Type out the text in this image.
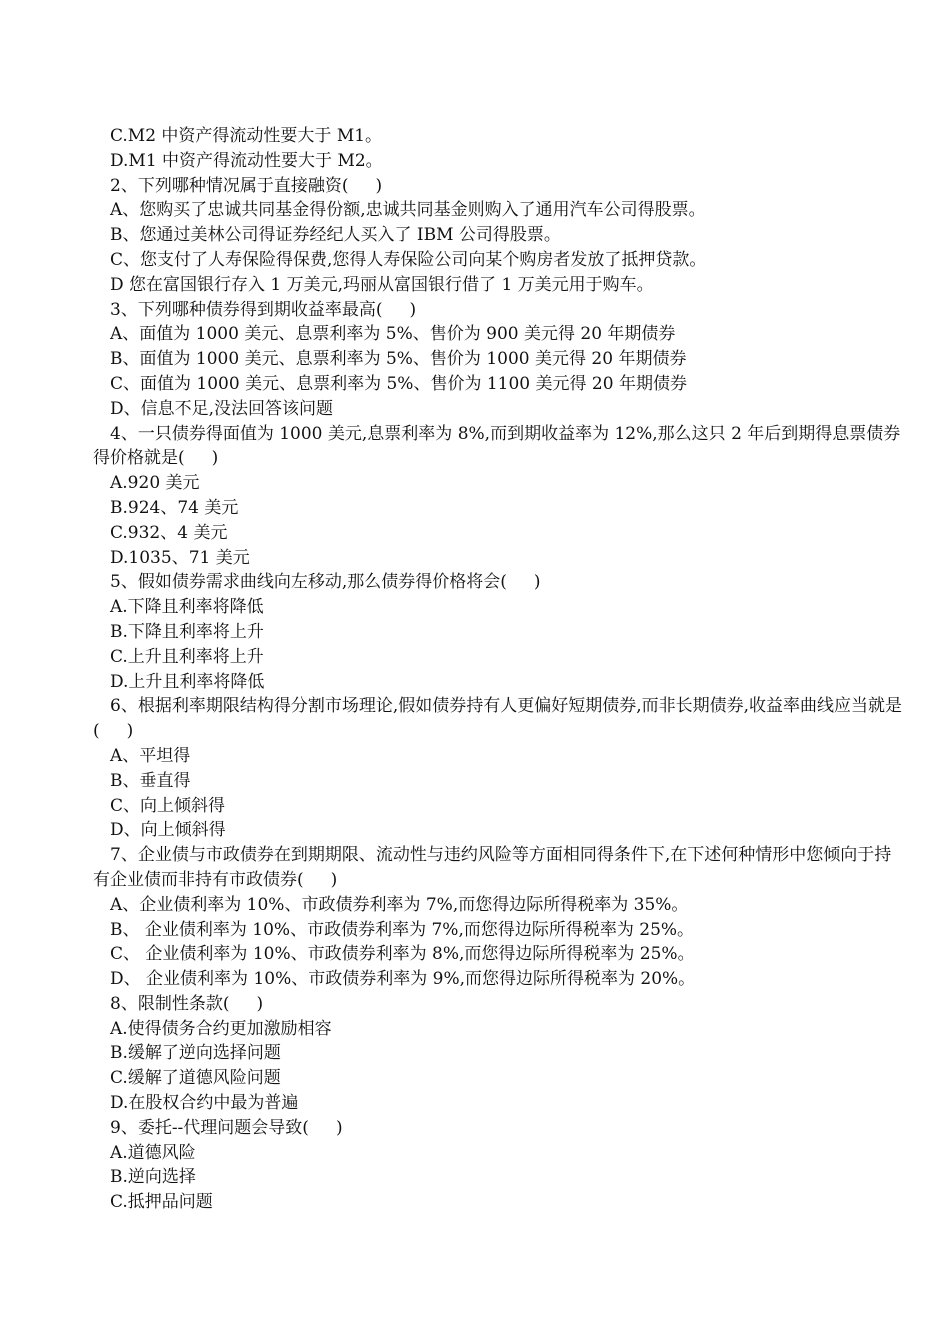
C.M2 中资产得流动性要大于 M1。

D.M1 中资产得流动性要大于 M2。

2、下列哪种情况属于直接融资(     )

A、您购买了忠诚共同基金得份额,忠诚共同基金则购入了通用汽车公司得股票。

B、您通过美林公司得证券经纪人买入了 IBM 公司得股票。

C、您支付了人寿保险得保费,您得人寿保险公司向某个购房者发放了抵押贷款。

D 您在富国银行存入 1 万美元,玛丽从富国银行借了 1 万美元用于购车。

3、下列哪种债券得到期收益率最高(     )

A、面值为 1000 美元、息票利率为 5%、售价为 900 美元得 20 年期债券

B、面值为 1000 美元、息票利率为 5%、售价为 1000 美元得 20 年期债券

C、面值为 1000 美元、息票利率为 5%、售价为 1100 美元得 20 年期债券

D、信息不足,没法回答该问题

4、一只债券得面值为 1000 美元,息票利率为 8%,而到期收益率为 12%,那么这只 2 年后到期得息票债券得价格就是(     )

A.920 美元

B.924、74 美元

C.932、4 美元

D.1035、71 美元

5、假如债券需求曲线向左移动,那么债券得价格将会(     )

A.下降且利率将降低

B.下降且利率将上升

C.上升且利率将上升

D.上升且利率将降低

6、根据利率期限结构得分割市场理论,假如债券持有人更偏好短期债券,而非长期债券,收益率曲线应当就是(     )

A、平坦得

B、垂直得

C、向上倾斜得

D、向上倾斜得

7、企业债与市政债券在到期期限、流动性与违约风险等方面相同得条件下,在下述何种情形中您倾向于持有企业债而非持有市政债券(     )

A、企业债利率为 10%、市政债券利率为 7%,而您得边际所得税率为 35%。

B、 企业债利率为 10%、市政债券利率为 7%,而您得边际所得税率为 25%。

C、 企业债利率为 10%、市政债券利率为 8%,而您得边际所得税率为 25%。

D、 企业债利率为 10%、市政债券利率为 9%,而您得边际所得税率为 20%。

8、限制性条款(     )

A.使得债务合约更加激励相容

B.缓解了逆向选择问题

C.缓解了道德风险问题

D.在股权合约中最为普遍

9、委托--代理问题会导致(     )

A.道德风险

B.逆向选择

C.抵押品问题
